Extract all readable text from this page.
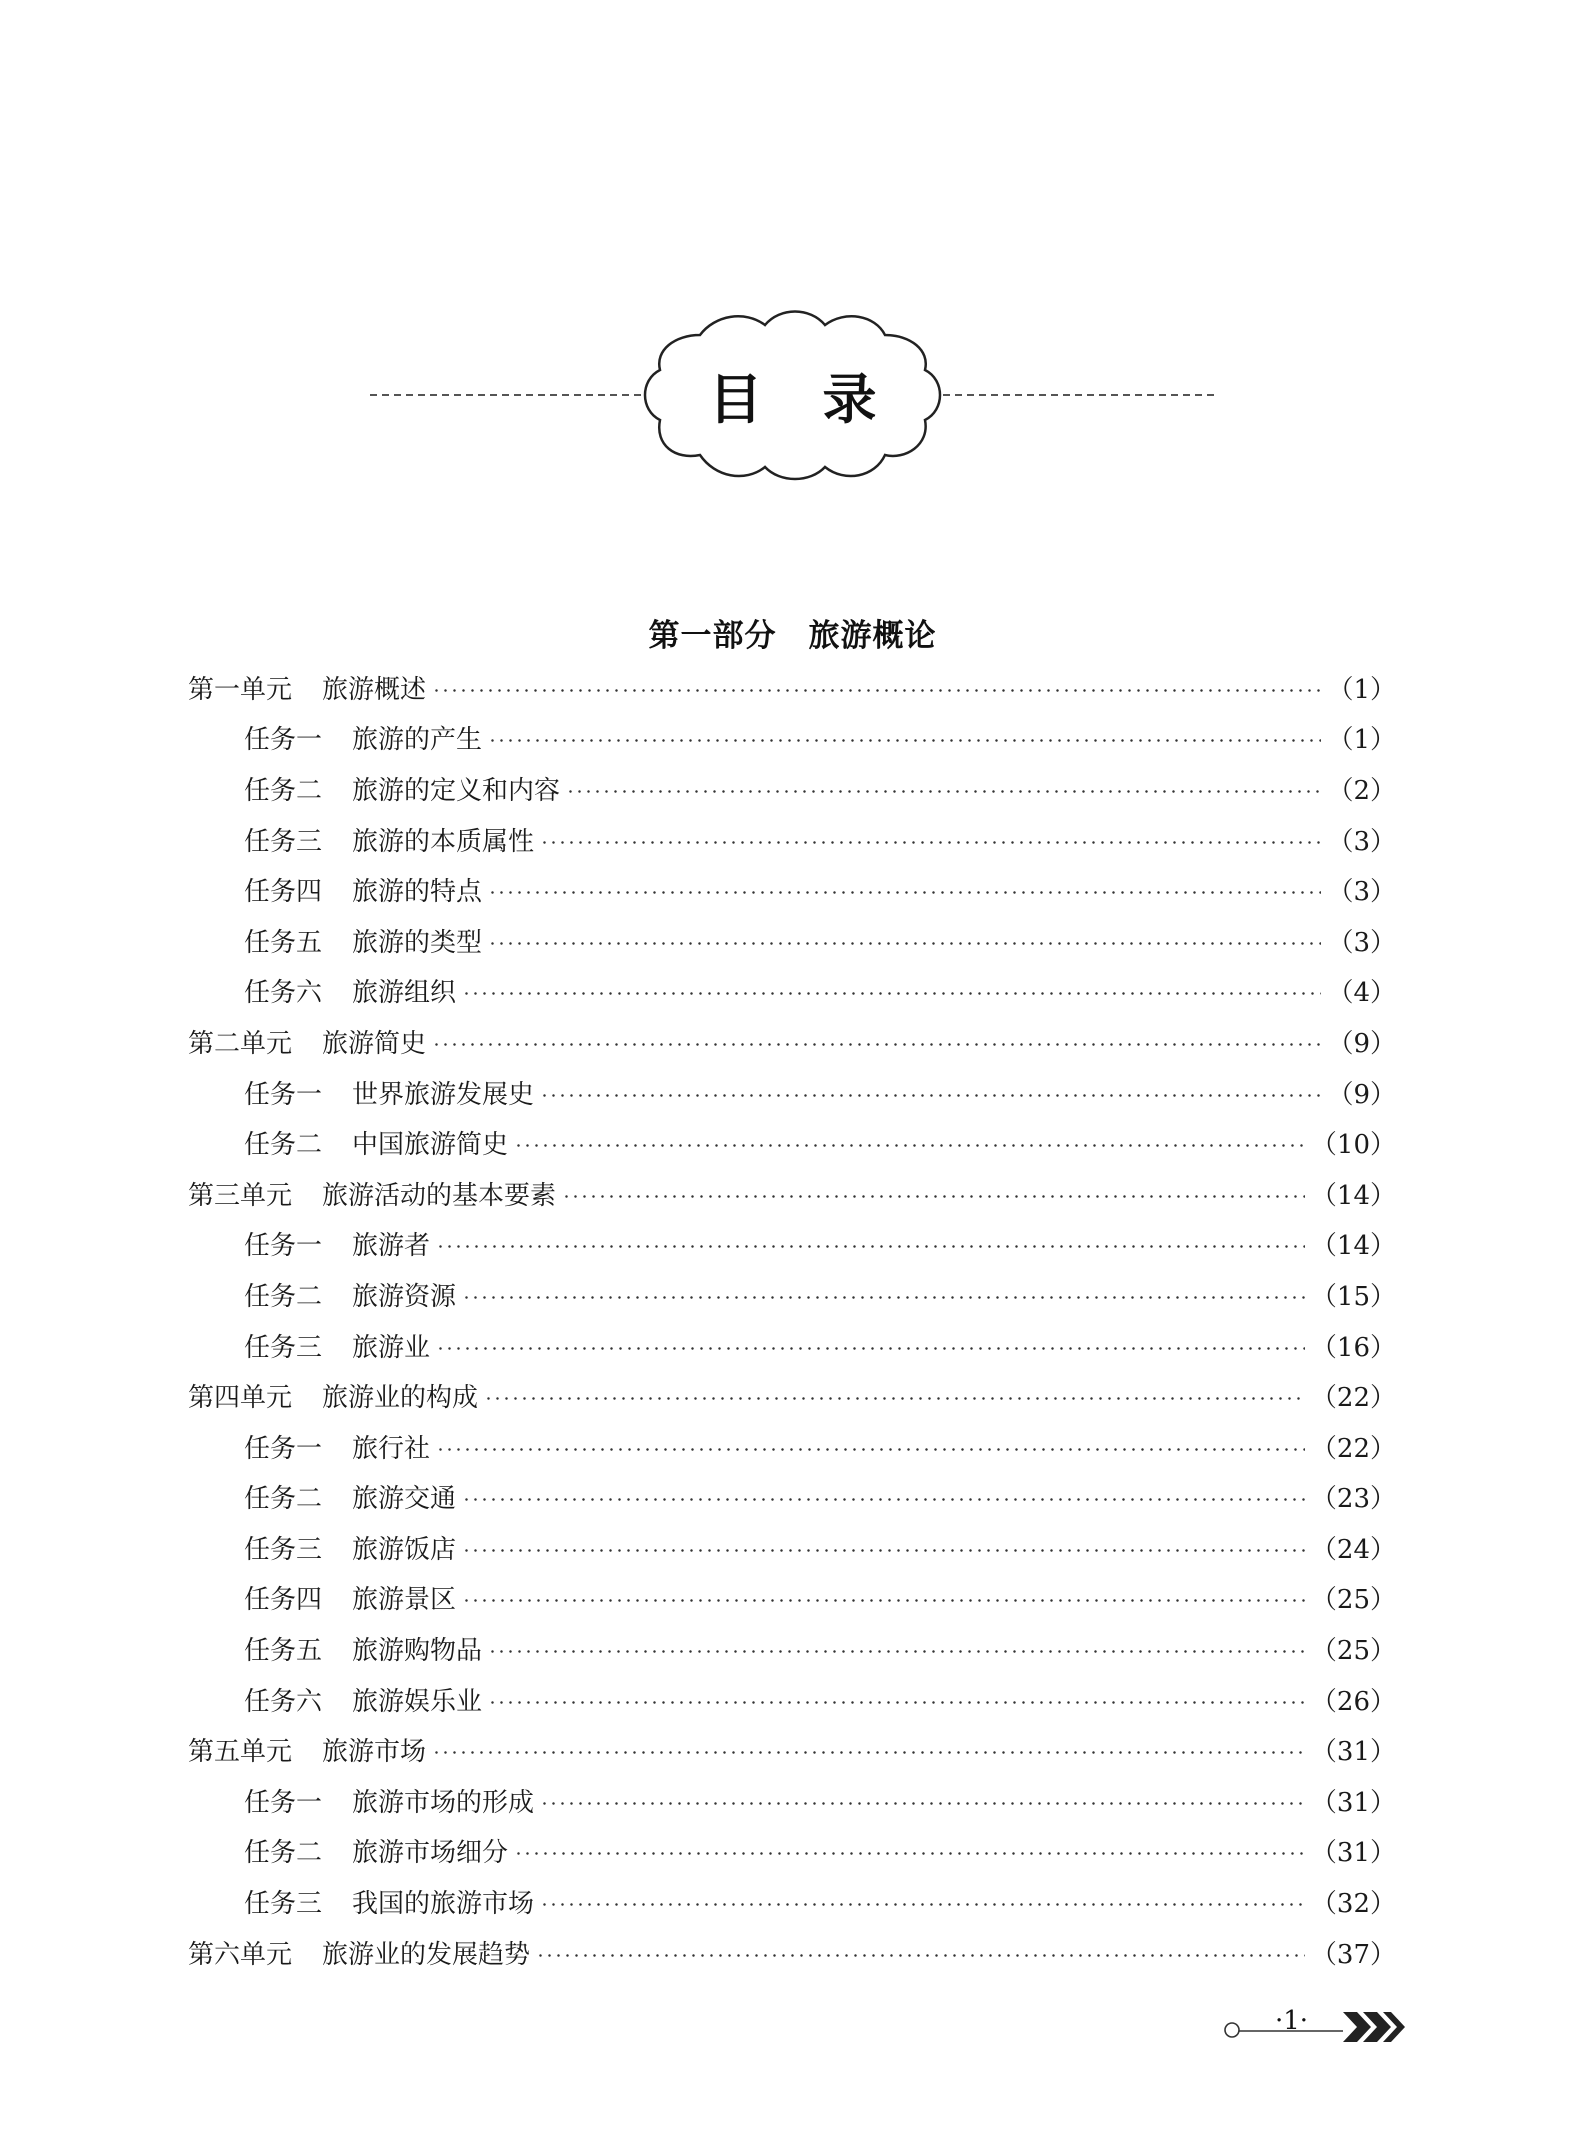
目录
第一部分　旅游概论
第一单元 旅游概述	（1）
任务一 旅游的产生	（1）
任务二 旅游的定义和内容	（2）
任务三 旅游的本质属性	（3）
任务四 旅游的特点	（3）
任务五 旅游的类型	（3）
任务六 旅游组织	（4）
第二单元 旅游简史	（9）
任务一 世界旅游发展史	（9）
任务二 中国旅游简史	（10）
第三单元 旅游活动的基本要素	（14）
任务一 旅游者	（14）
任务二 旅游资源	（15）
任务三 旅游业	（16）
第四单元 旅游业的构成	（22）
任务一 旅行社	（22）
任务二 旅游交通	（23）
任务三 旅游饭店	（24）
任务四 旅游景区	（25）
任务五 旅游购物品	（25）
任务六 旅游娱乐业	（26）
第五单元 旅游市场	（31）
任务一 旅游市场的形成	（31）
任务二 旅游市场细分	（31）
任务三 我国的旅游市场	（32）
第六单元 旅游业的发展趋势	（37）
·1·
